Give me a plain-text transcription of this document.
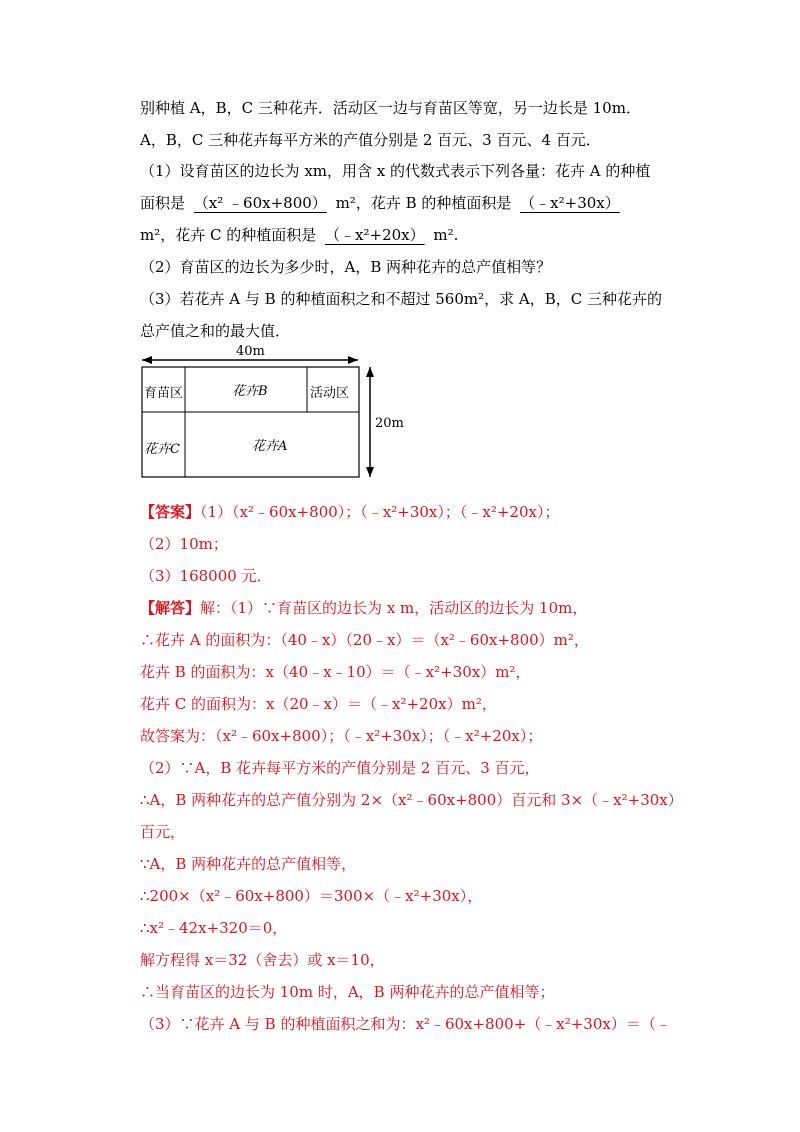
别种植 A，B，C 三种花卉．活动区一边与育苗区等宽，另一边长是 10m．
A，B，C 三种花卉每平方米的产值分别是 2 百元、3 百元、4 百元．
（1）设育苗区的边长为 xm，用含 x 的代数式表示下列各量：花卉 A 的种植
面积是 （x² ﹣60x+800） m²，花卉 B 的种植面积是 （﹣x²+30x）
m²，花卉 C 的种植面积是 （﹣x²+20x） m².
（2）育苗区的边长为多少时，A，B 两种花卉的总产值相等？
（3）若花卉 A 与 B 的种植面积之和不超过 560m²，求 A，B，C 三种花卉的
总产值之和的最大值．
40m
育苗区	花卉B	活动区
花卉C	花卉A
20m
【答案】（1）（x²﹣60x+800）；（﹣x²+30x）；（﹣x²+20x）；
（2）10m；
（3）168000 元．
【解答】解：（1）∵育苗区的边长为 x m，活动区的边长为 10m，
∴花卉 A 的面积为：（40﹣x）（20﹣x）＝（x²﹣60x+800）m²，
花卉 B 的面积为：x（40﹣x﹣10）＝（﹣x²+30x）m²，
花卉 C 的面积为：x（20﹣x）＝（﹣x²+20x）m²，
故答案为：（x²﹣60x+800）；（﹣x²+30x）；（﹣x²+20x）；
（2）∵A，B 花卉每平方米的产值分别是 2 百元、3 百元，
∴A，B 两种花卉的总产值分别为 2×（x²﹣60x+800）百元和 3×（﹣x²+30x）
百元，
∵A，B 两种花卉的总产值相等，
∴200×（x²﹣60x+800）＝300×（﹣x²+30x），
∴x²﹣42x+320＝0，
解方程得 x＝32（舍去）或 x＝10，
∴当育苗区的边长为 10m 时，A，B 两种花卉的总产值相等；
（3）∵花卉 A 与 B 的种植面积之和为：x²﹣60x+800+（﹣x²+30x）＝（﹣
